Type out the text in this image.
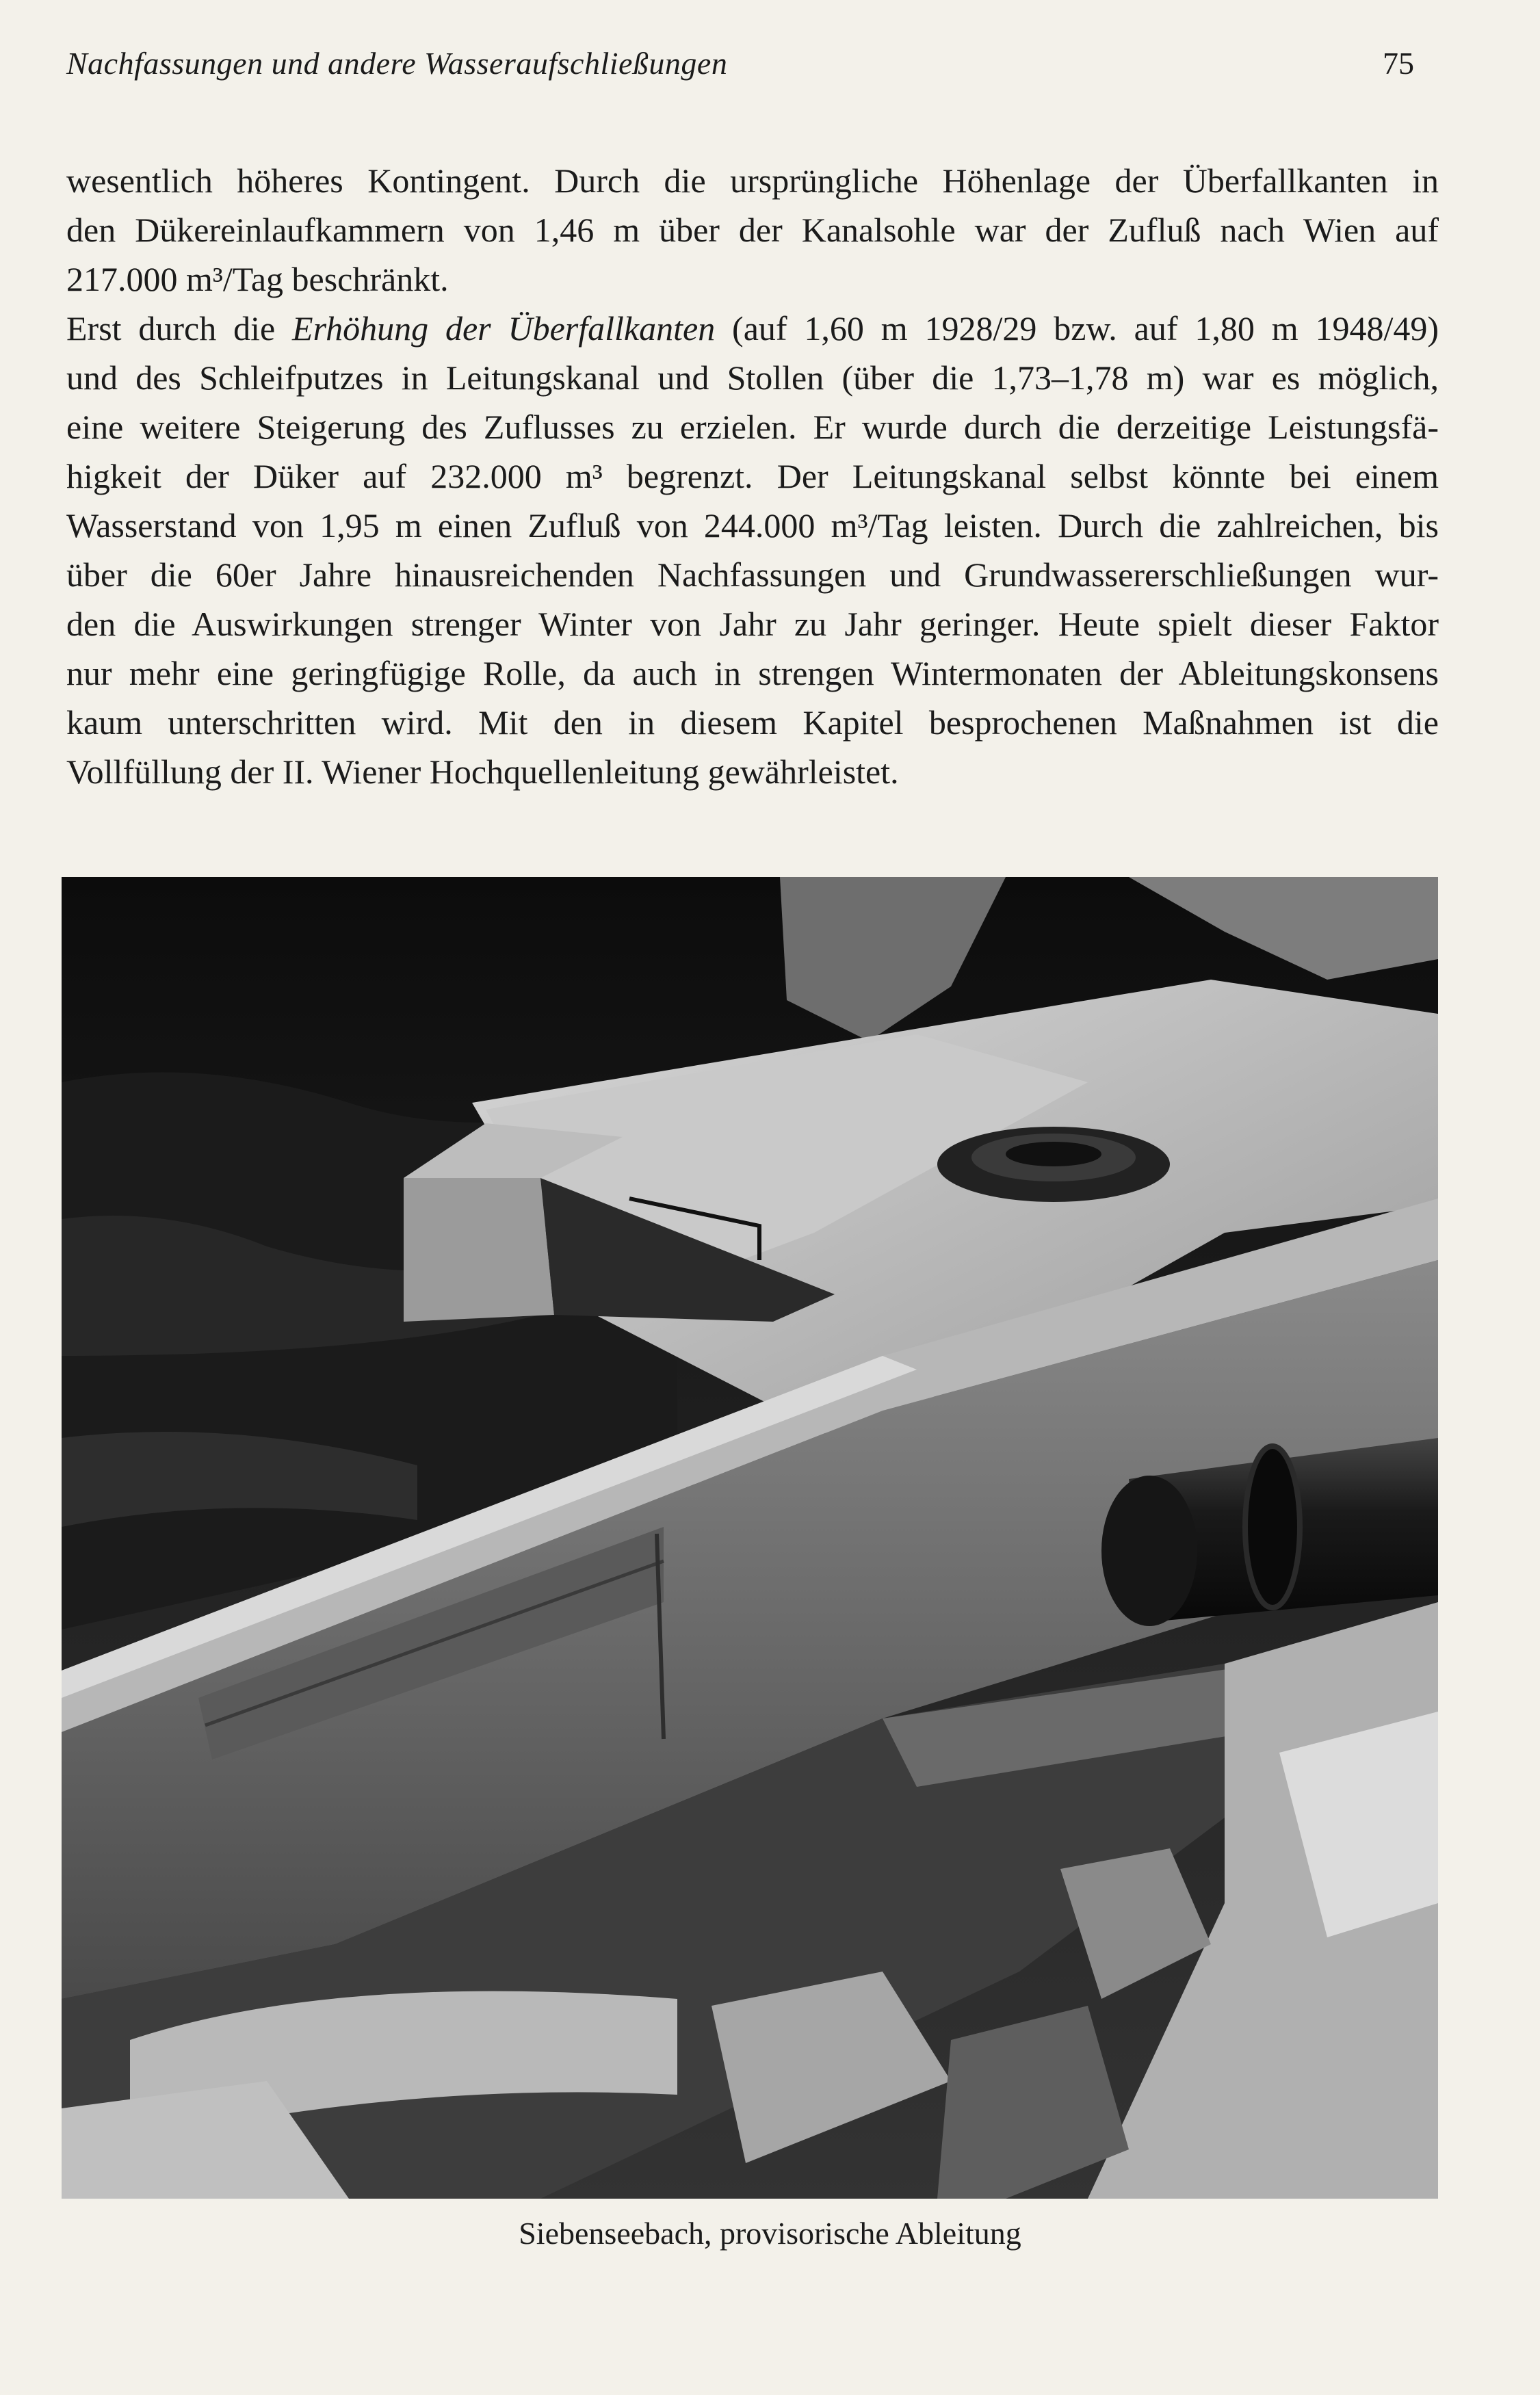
Nachfassungen und andere Wasseraufschließungen	75

wesentlich höheres Kontingent. Durch die ursprüngliche Höhenlage der Überfallkanten in
den Dükereinlaufkammern von 1,46 m über der Kanalsohle war der Zufluß nach Wien auf
217.000 m³/Tag beschränkt.

Erst durch die Erhöhung der Überfallkanten (auf 1,60 m 1928/29 bzw. auf 1,80 m 1948/49)
und des Schleifputzes in Leitungskanal und Stollen (über die 1,73–1,78 m) war es möglich,
eine weitere Steigerung des Zuflusses zu erzielen. Er wurde durch die derzeitige Leistungsfä-
higkeit der Düker auf 232.000 m³ begrenzt. Der Leitungskanal selbst könnte bei einem
Wasserstand von 1,95 m einen Zufluß von 244.000 m³/Tag leisten. Durch die zahlreichen, bis
über die 60er Jahre hinausreichenden Nachfassungen und Grundwassererschließungen wur-
den die Auswirkungen strenger Winter von Jahr zu Jahr geringer. Heute spielt dieser Faktor
nur mehr eine geringfügige Rolle, da auch in strengen Wintermonaten der Ableitungskonsens
kaum unterschritten wird. Mit den in diesem Kapitel besprochenen Maßnahmen ist die
Vollfüllung der II. Wiener Hochquellenleitung gewährleistet.

Siebenseebach, provisorische Ableitung
